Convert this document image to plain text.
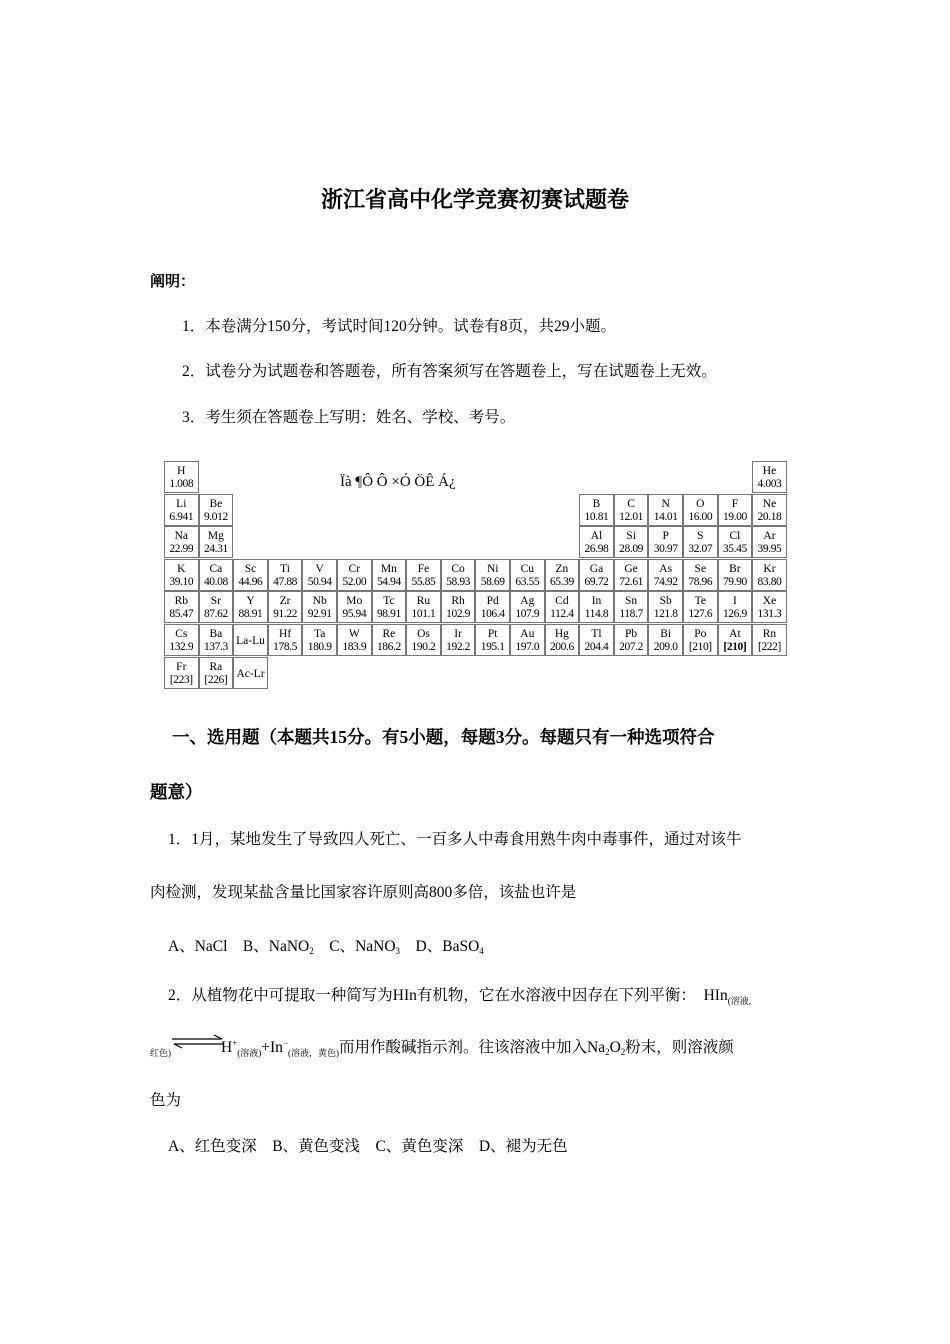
浙江省高中化学竞赛初赛试题卷
阐明：
1．本卷满分150分，考试时间120分钟。试卷有8页，共29小题。
2．试卷分为试题卷和答题卷，所有答案须写在答题卷上，写在试题卷上无效。
3．考生须在答题卷上写明：姓名、学校、考号。
H
1.008
He
4.003
Li
6.941
Be
9.012
B
10.81
C
12.01
N
14.01
O
16.00
F
19.00
Ne
20.18
Na
22.99
Mg
24.31
Al
26.98
Si
28.09
P
30.97
S
32.07
Cl
35.45
Ar
39.95
K
39.10
Ca
40.08
Sc
44.96
Ti
47.88
V
50.94
Cr
52.00
Mn
54.94
Fe
55.85
Co
58.93
Ni
58.69
Cu
63.55
Zn
65.39
Ga
69.72
Ge
72.61
As
74.92
Se
78.96
Br
79.90
Kr
83.80
Rb
85.47
Sr
87.62
Y
88.91
Zr
91.22
Nb
92.91
Mo
95.94
Tc
98.91
Ru
101.1
Rh
102.9
Pd
106.4
Ag
107.9
Cd
112.4
In
114.8
Sn
118.7
Sb
121.8
Te
127.6
I
126.9
Xe
131.3
Cs
132.9
Ba
137.3 La-Lu
Hf
178.5
Ta
180.9
W
183.9
Re
186.2
Os
190.2
Ir
192.2
Pt
195.1
Au
197.0
Hg
200.6
Tl
204.4
Pb
207.2
Bi
209.0
Po
[210]
At
[210]
Rn
[222]
Fr
[223]
Ra
[226] Ac-Lr
Ïà ¶Ô Ô ×Ó ÖÊ Á¿
一、选用题（本题共15分。有5小题，每题3分。每题只有一种选项符合
题意）
1．1月，某地发生了导致四人死亡、一百多人中毒食用熟牛肉中毒事件，通过对该牛
肉检测，发现某盐含量比国家容许原则高800多倍，该盐也许是
A、NaCl B、NaNO$_2$ C、NaNO$_3$ D、BaSO$_4$
2．从植物花中可提取一种简写为HIn有机物，它在水溶液中因存在下列平衡： HIn$_{(溶液,}$
$_{红色)}$	$H^+_{(溶液)}+In^-_{(溶液,黄色)}$而用作酸碱指示剂。往该溶液中加入$Na_2O_2$粉末，则溶液颜
色为
A、红色变深　B、黄色变浅　C、黄色变深　D、褪为无色
